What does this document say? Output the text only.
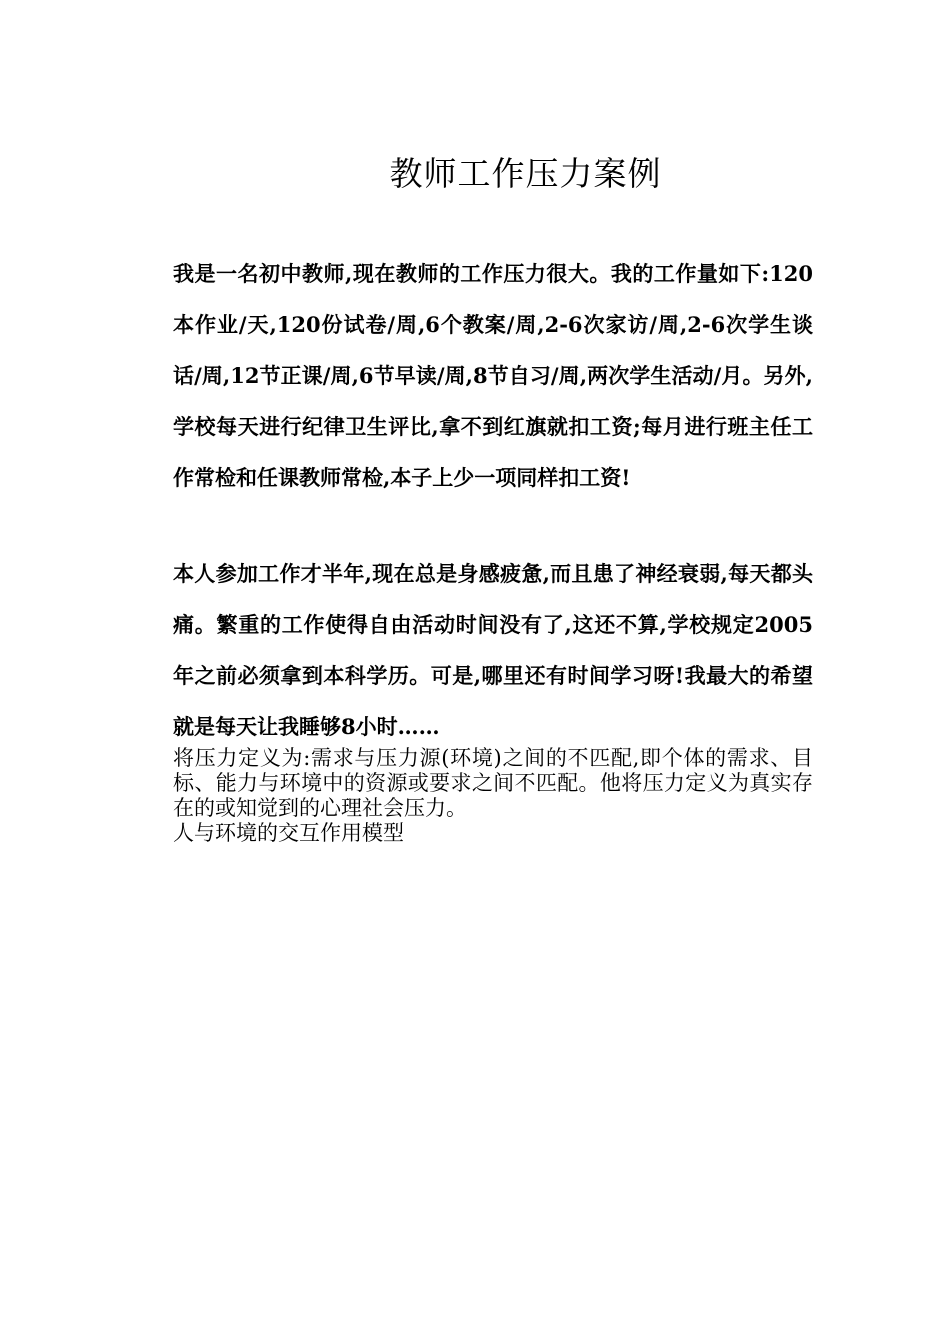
教师工作压力案例

我是一名初中教师,现在教师的工作压力很大。我的工作量如下:120本作业/天,120份试卷/周,6个教案/周,2-6次家访/周,2-6次学生谈话/周,12节正课/周,6节早读/周,8节自习/周,两次学生活动/月。另外,学校每天进行纪律卫生评比,拿不到红旗就扣工资;每月进行班主任工作常检和任课教师常检,本子上少一项同样扣工资!

本人参加工作才半年,现在总是身感疲惫,而且患了神经衰弱,每天都头痛。繁重的工作使得自由活动时间没有了,这还不算,学校规定2005年之前必须拿到本科学历。可是,哪里还有时间学习呀!我最大的希望就是每天让我睡够8小时……

将压力定义为:需求与压力源(环境)之间的不匹配,即个体的需求、目标、能力与环境中的资源或要求之间不匹配。他将压力定义为真实存在的或知觉到的心理社会压力。

人与环境的交互作用模型
